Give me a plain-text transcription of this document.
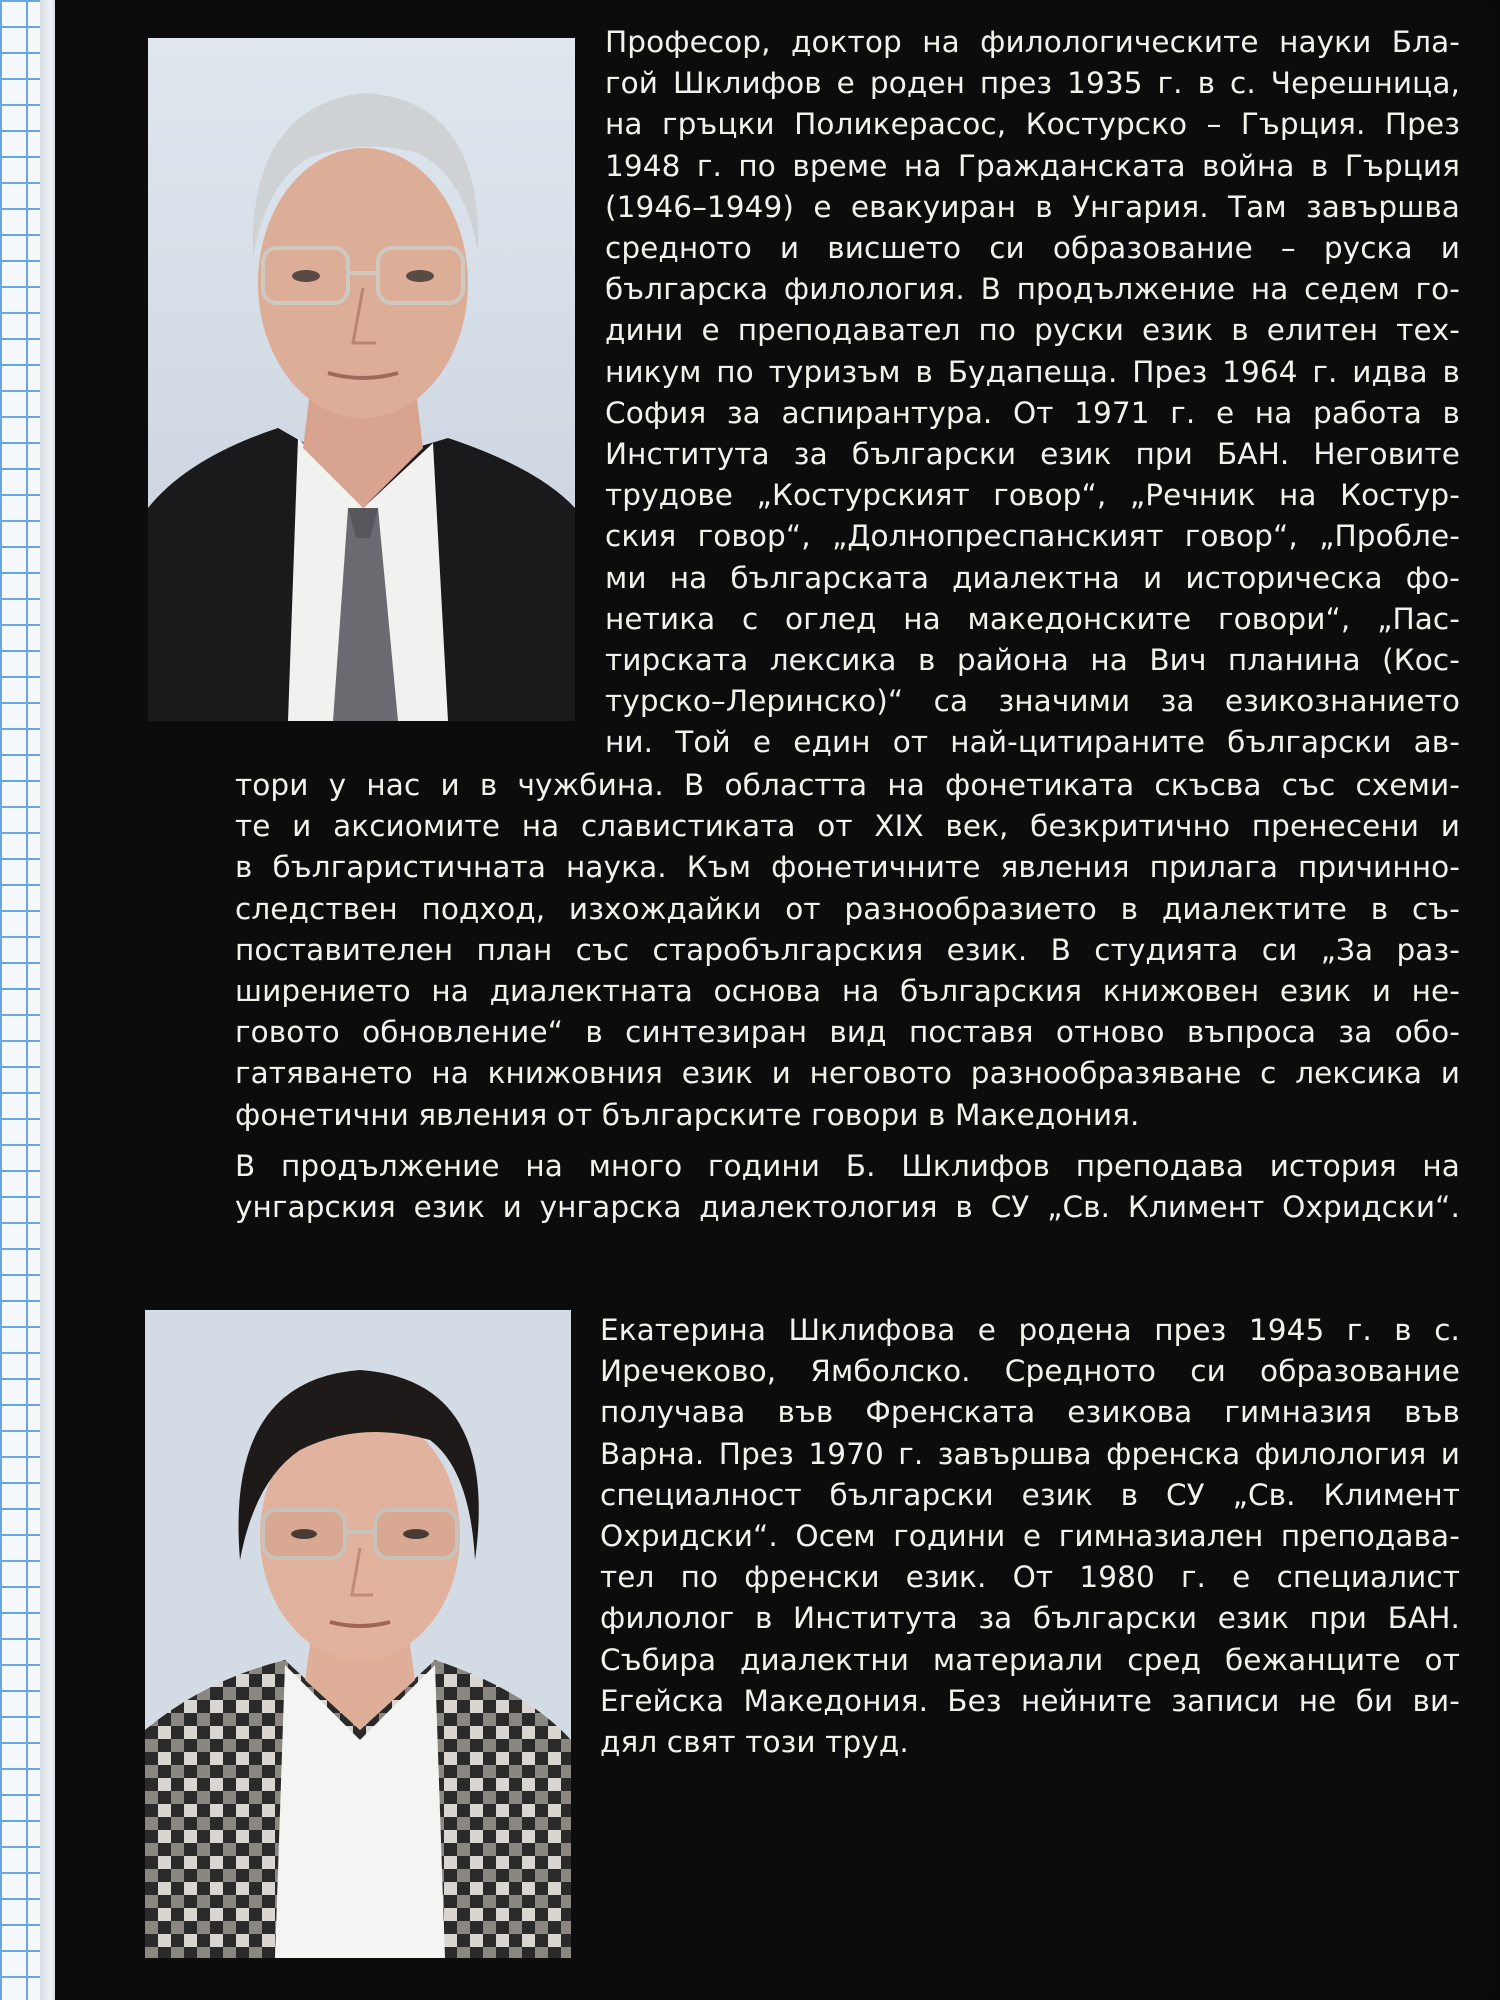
Професор, доктор на филологическите науки Бла-
гой Шклифов е роден през 1935 г. в с. Черешница,
на гръцки Поликерасос, Костурско – Гърция. През
1948 г. по време на Гражданската война в Гърция
(1946–1949) е евакуиран в Унгария. Там завършва
средното и висшето си образование – руска и
българска филология. В продължение на седем го-
дини е преподавател по руски език в елитен тех-
никум по туризъм в Будапеща. През 1964 г. идва в
София за аспирантура. От 1971 г. е на работа в
Института за български език при БАН. Неговите
трудове „Костурският говор“, „Речник на Костур-
ския говор“, „Долнопреспанският говор“, „Пробле-
ми на българската диалектна и историческа фо-
нетика с оглед на македонските говори“, „Пас-
тирската лексика в района на Вич планина (Кос-
турско–Леринско)“ са значими за езикознанието
ни. Той е един от най-цитираните български ав-
тори у нас и в чужбина. В областта на фонетиката скъсва със схеми-
те и аксиомите на славистиката от XIX век, безкритично пренесени и
в българистичната наука. Към фонетичните явления прилага причинно-
следствен подход, изхождайки от разнообразието в диалектите в съ-
поставителен план със старобългарския език. В студията си „За раз-
ширението на диалектната основа на българския книжовен език и не-
говото обновление“ в синтезиран вид поставя отново въпроса за обо-
гатяването на книжовния език и неговото разнообразяване с лексика и
фонетични явления от българските говори в Македония.
В продължение на много години Б. Шклифов преподава история на
унгарския език и унгарска диалектология в СУ „Св. Климент Охридски“.
Екатерина Шклифова е родена през 1945 г. в с.
Иречеково, Ямболско. Средното си образование
получава във Френската езикова гимназия във
Варна. През 1970 г. завършва френска филология и
специалност български език в СУ „Св. Климент
Охридски“. Осем години е гимназиален преподава-
тел по френски език. От 1980 г. е специалист
филолог в Института за български език при БАН.
Събира диалектни материали сред бежанците от
Егейска Македония. Без нейните записи не би ви-
дял свят този труд.
